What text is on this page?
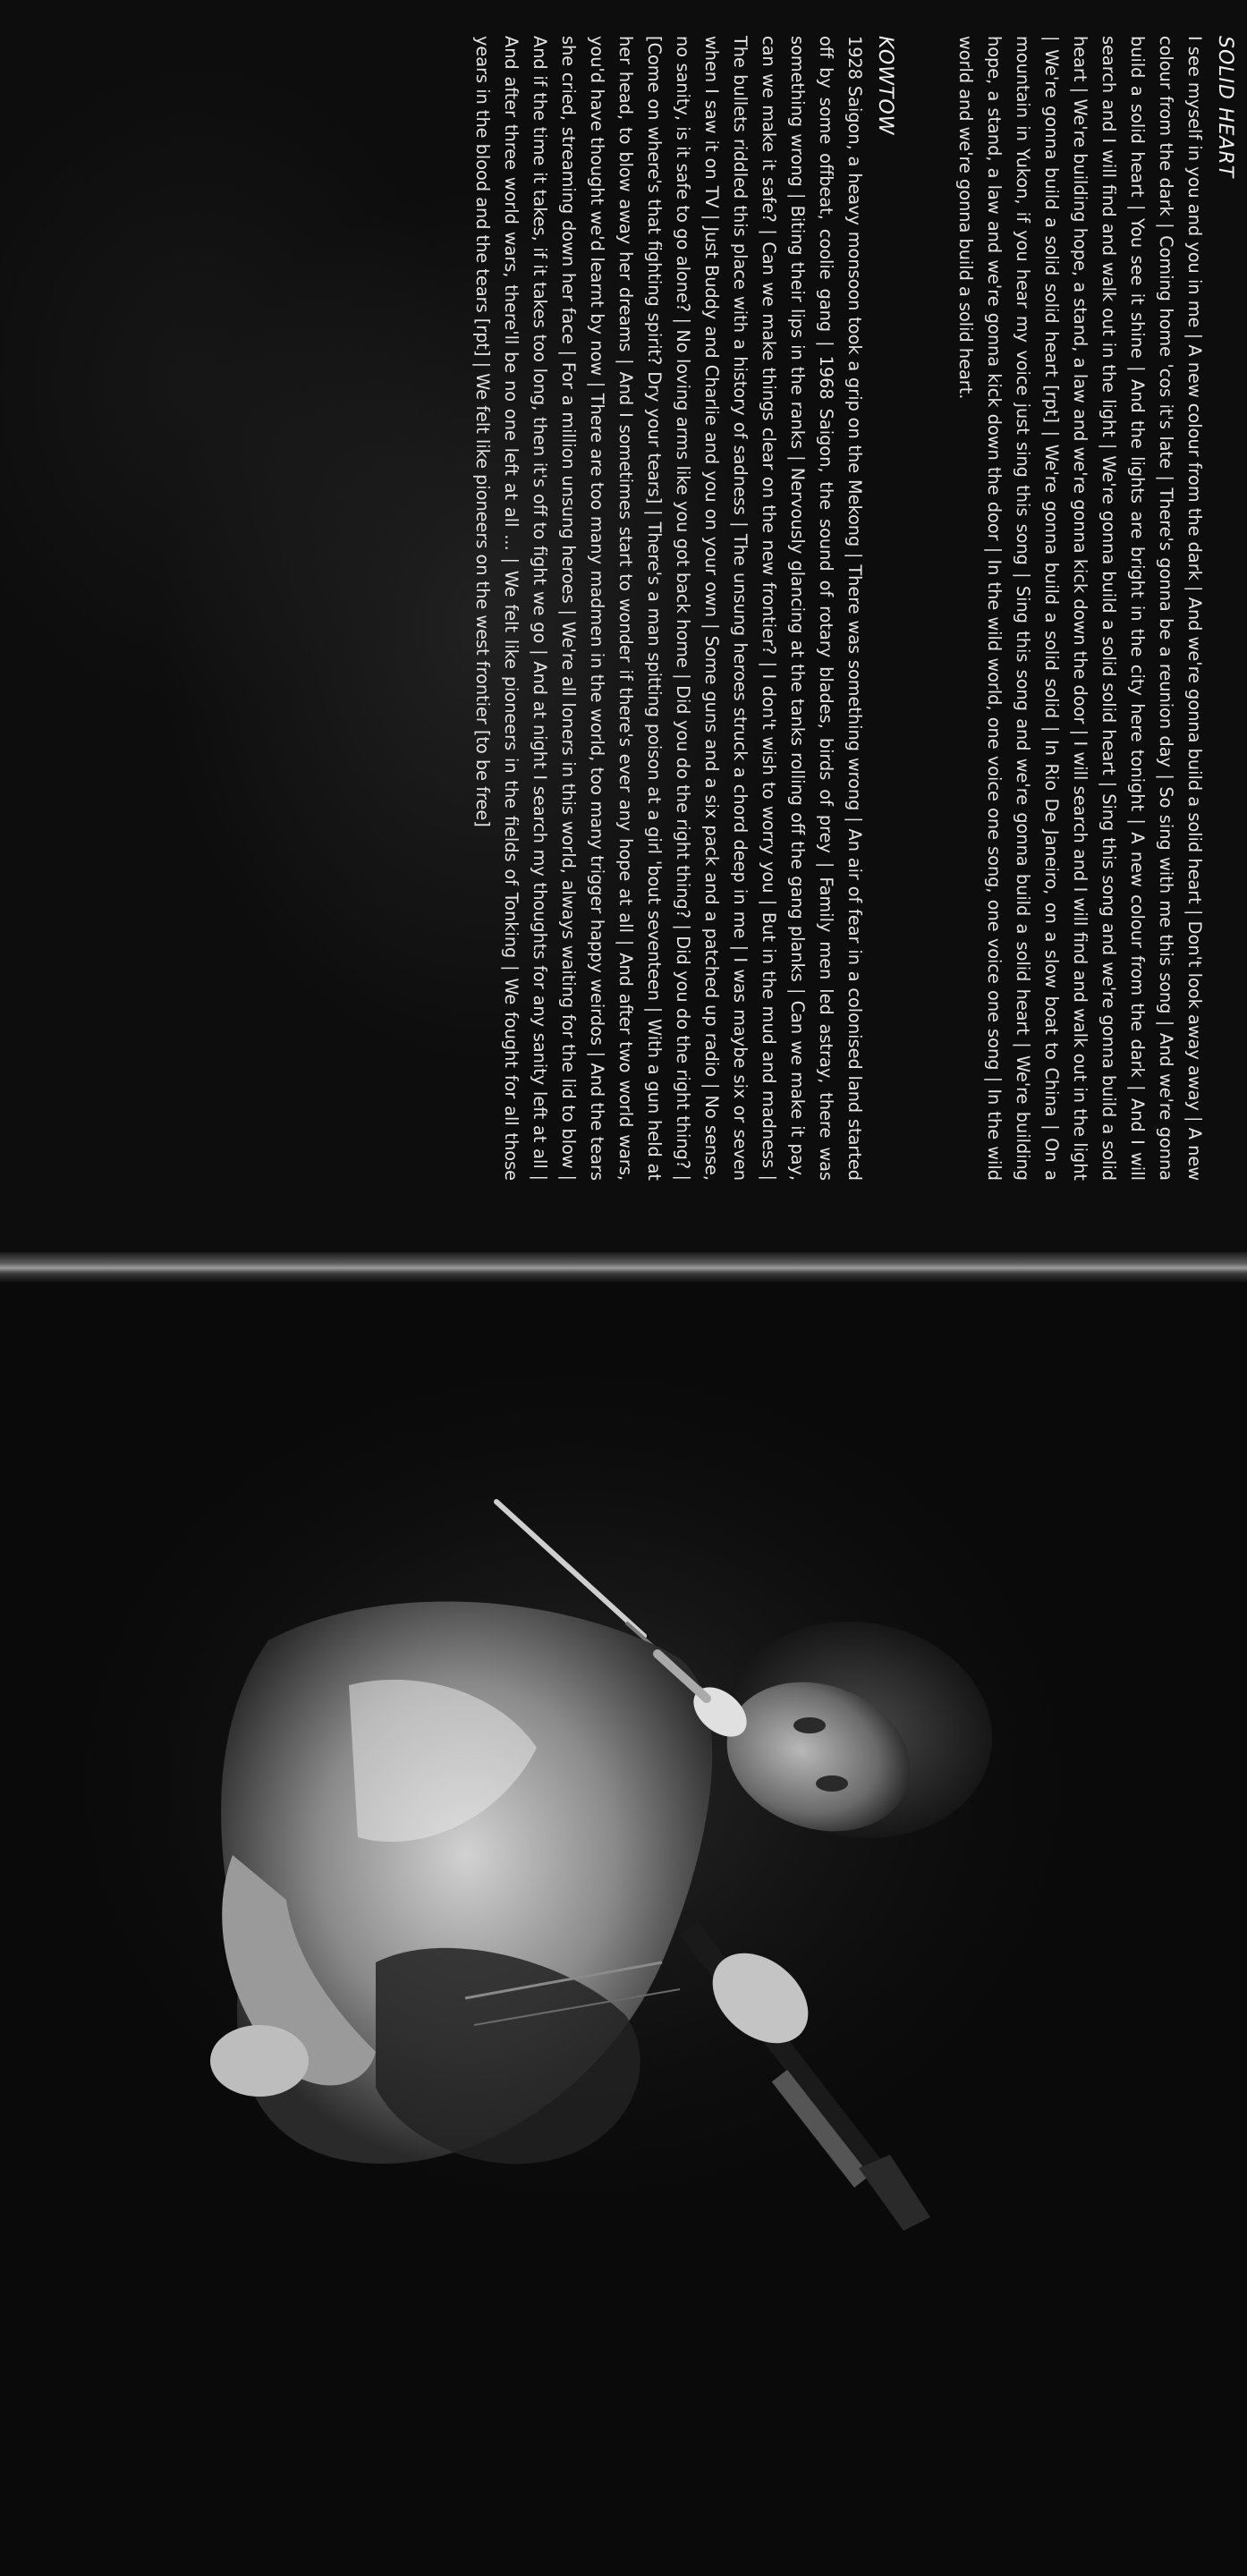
SOLID HEART

I see myself in you and you in me | A new colour from the dark | And we're gonna build a solid heart | Don't look away away | A new colour from the dark | Coming home 'cos it's late | There's gonna be a reunion day | So sing with me this song | And we're gonna build a solid heart | You see it shine | And the lights are bright in the city here tonight | A new colour from the dark | And I will search and I will find and walk out in the light | We're gonna build a solid solid heart | Sing this song and we're gonna build a solid heart | We're building hope, a stand, a law and we're gonna kick down the door | I will search and I will find and walk out in the light | We're gonna build a solid solid heart [rpt] | We're gonna build a solid solid | In Rio De Janeiro, on a slow boat to China | On a mountain in Yukon, if you hear my voice just sing this song | Sing this song and we're gonna build a solid heart | We're building hope, a stand, a law and we're gonna kick down the door | In the wild world, one voice one song, one voice one song | In the wild world and we're gonna build a solid heart.

KOWTOW

1928 Saigon, a heavy monsoon took a grip on the Mekong | There was something wrong | An air of fear in a colonised land started off by some offbeat, coolie gang | 1968 Saigon, the sound of rotary blades, birds of prey | Family men led astray, there was something wrong | Biting their lips in the ranks | Nervously glancing at the tanks rolling off the gang planks | Can we make it pay, can we make it safe? | Can we make things clear on the new frontier? | I don't wish to worry you | But in the mud and madness | The bullets riddled this place with a history of sadness | The unsung heroes struck a chord deep in me | I was maybe six or seven when I saw it on TV | Just Buddy and Charlie and you on your own | Some guns and a six pack and a patched up radio | No sense, no sanity, is it safe to go alone? | No loving arms like you got back home | Did you do the right thing? | Did you do the right thing? | [Come on where's that fighting spirit? Dry your tears] | There's a man spitting poison at a girl 'bout seventeen | With a gun held at her head, to blow away her dreams | And I sometimes start to wonder if there's ever any hope at all | And after two world wars, you'd have thought we'd learnt by now | There are too many madmen in the world, too many trigger happy weirdos | And the tears she cried, streaming down her face | For a million unsung heroes | We're all loners in this world, always waiting for the lid to blow | And if the time it takes, if it takes too long, then it's off to fight we go | And at night I search my thoughts for any sanity left at all | And after three world wars, there'll be no one left at all ... | We felt like pioneers in the fields of Tonking | We fought for all those years in the blood and the tears [rpt] | We felt like pioneers on the west frontier [to be free]
